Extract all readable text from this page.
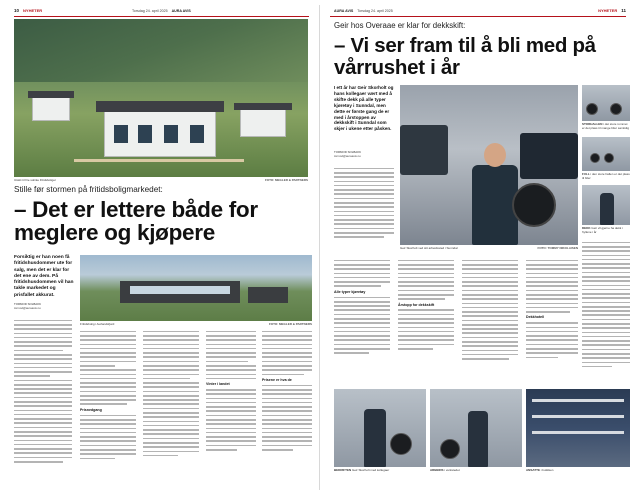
10 NYHETER	Torsdag 24. april 2025 AURA AVIS
Utsikt til fire solrike fritidsboliger	FOTO: MEGLER & PARTNERS
Stille før stormen på fritidsboligmarkedet:
– Det er lettere både for meglere og kjøpere
Forsiktig er han noen få fritidshusdommer ute for salg, men det er klar for det ene av dem. På fritidshusdommen vil han takle markedet og prisfallet akkurat.
TORMOD SOLBAKK
tormod@auraavis.no
Fritidsbolig i Aurlandsfjord	FOTO: MEGLER & PARTNERS
Prisnedgang
Vinter i landet
Prisene er hva de
AURA AVIS Torsdag 24. april 2025	NYHETER 11
Geir hos Overaae er klar for dekkskift:
– Vi ser fram til å bli med på vårrushet i år
I ett år har Geir Skorholt og hans kollegaer vært med å skifte dekk på alle typer kjøretøy i Sunndal, men dette er første gang de er med i årstoppen av dekkskift i Sunndal som skjer i ukene etter påsken.
TORMOD SOLBAKK
tormod@auraavis.no
Geir Skorholt ved sitt arbeidssted i Sunndal	FOTO: TOMMY NIKOLAISEN
STORHALLEN i det store rommet er det plass til mange biler samtidig
FULL i den store hallen er det plass til biler
DEKK Geir vil gjerne ha dekk i hyllene i år
Alle typer kjøretøy
Årstopp for dekkskift
Dekkhotell
BEDRIFTEN Geir Skorholt med kollegaer	ARBEIDS i verkstedet	ANSATTE i butikken
